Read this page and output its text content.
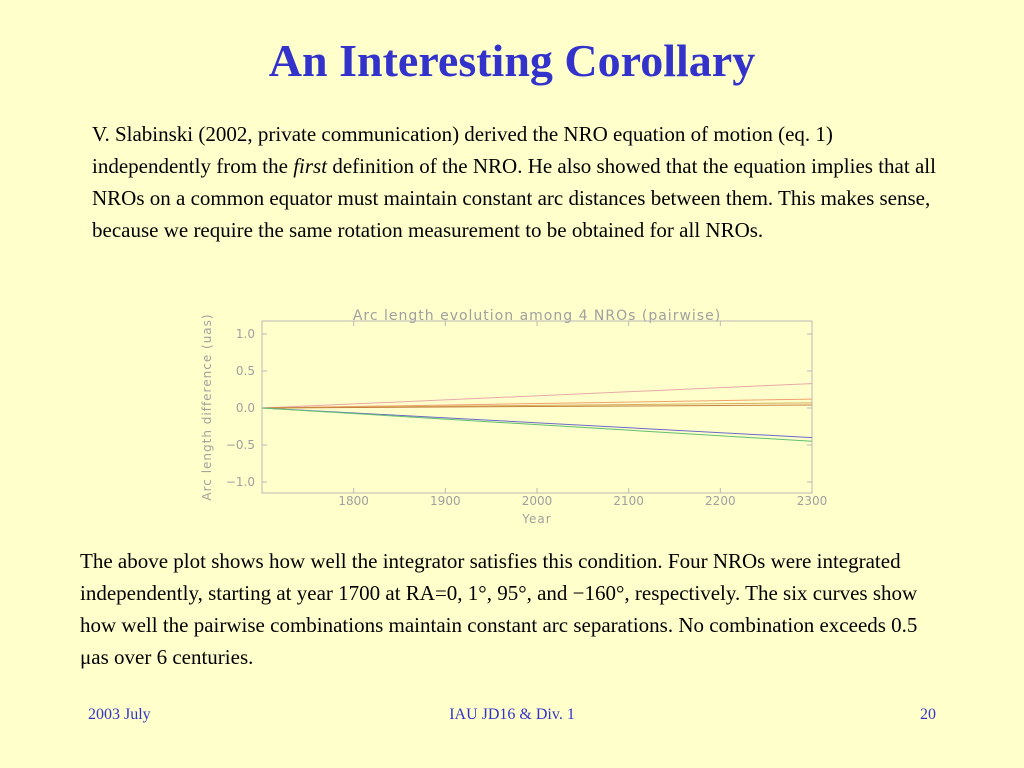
An Interesting Corollary

V. Slabinski (2002, private communication) derived the NRO equation of motion (eq. 1) independently from the first definition of the NRO. He also showed that the equation implies that all NROs on a common equator must maintain constant arc distances between them. This makes sense, because we require the same rotation measurement to be obtained for all NROs.

Arc length evolution among 4 NROs (pairwise)
Arc length difference (uas)
Year
1800	1900	2000	2100	2200	2300
1.0
0.5
0.0
−0.5
−1.0

The above plot shows how well the integrator satisfies this condition. Four NROs were integrated independently, starting at year 1700 at RA=0, 1°, 95°, and −160°, respectively. The six curves show how well the pairwise combinations maintain constant arc separations. No combination exceeds 0.5 μas over 6 centuries.

2003 July	IAU JD16 & Div. 1	20
